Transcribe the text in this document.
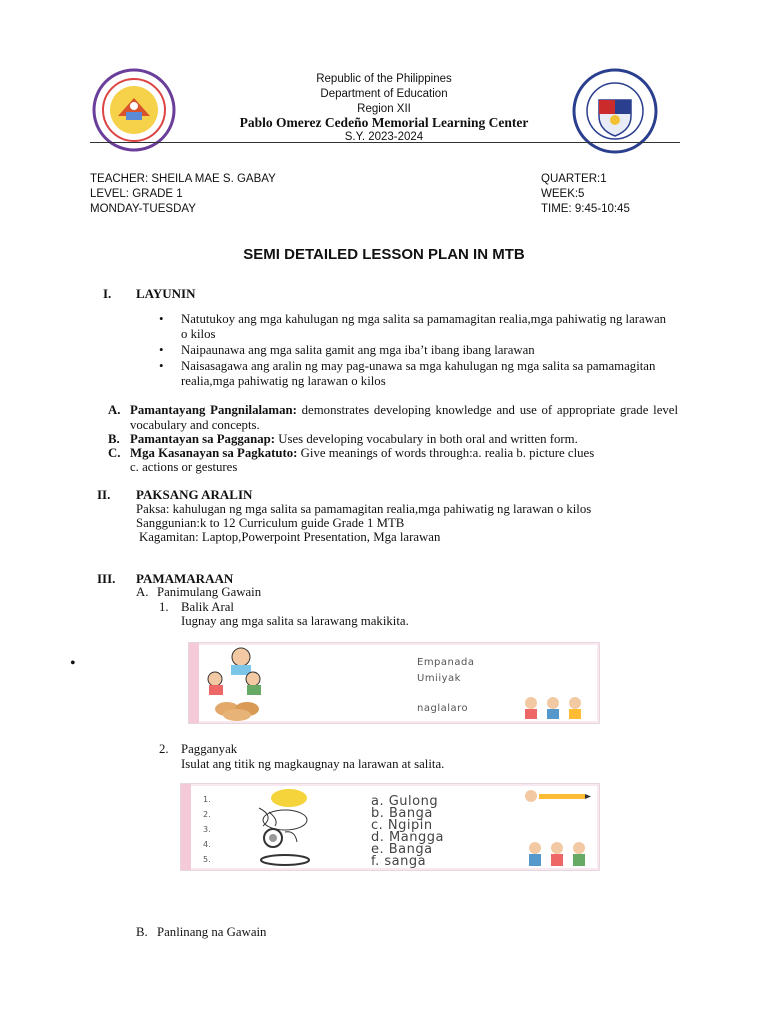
Republic of the Philippines
Department of Education
Region XII
Pablo Omerez Cedeño Memorial Learning Center
S.Y. 2023-2024
TEACHER: SHEILA MAE S. GABAY
LEVEL: GRADE 1
MONDAY-TUESDAY
QUARTER:1
WEEK:5
TIME: 9:45-10:45
SEMI DETAILED LESSON PLAN IN MTB
I. LAYUNIN
• Natutukoy ang mga kahulugan ng mga salita sa pamamagitan realia,mga pahiwatig ng larawan o kilos
• Naipaunawa ang mga salita gamit ang mga iba’t ibang ibang larawan
• Naisasagawa ang aralin ng may pag-unawa sa mga kahulugan ng mga salita sa pamamagitan realia,mga pahiwatig ng larawan o kilos
A. Pamantayang Pangnilalaman: demonstrates developing knowledge and use of appropriate grade level vocabulary and concepts.
B. Pamantayan sa Pagganap: Uses developing vocabulary in both oral and written form.
C. Mga Kasanayan sa Pagkatuto: Give meanings of words through:a. realia b. picture clues
c. actions or gestures
II. PAKSANG ARALIN
Paksa: kahulugan ng mga salita sa pamamagitan realia,mga pahiwatig ng larawan o kilos
Sanggunian:k to 12 Curriculum guide Grade 1 MTB
Kagamitan: Laptop,Powerpoint Presentation, Mga larawan
III. PAMAMARAAN
A. Panimulang Gawain
1. Balik Aral
Iugnay ang mga salita sa larawang makikita.
•	Empanada
Umiiyak
naglalaro
2. Pagganyak
Isulat ang titik ng magkaugnay na larawan at salita.
1.
2.
3.
4.
5.
a. Gulong
b. Banga
c. Ngipin
d. Mangga
e. Banga
f. sanga
B. Panlinang na Gawain
